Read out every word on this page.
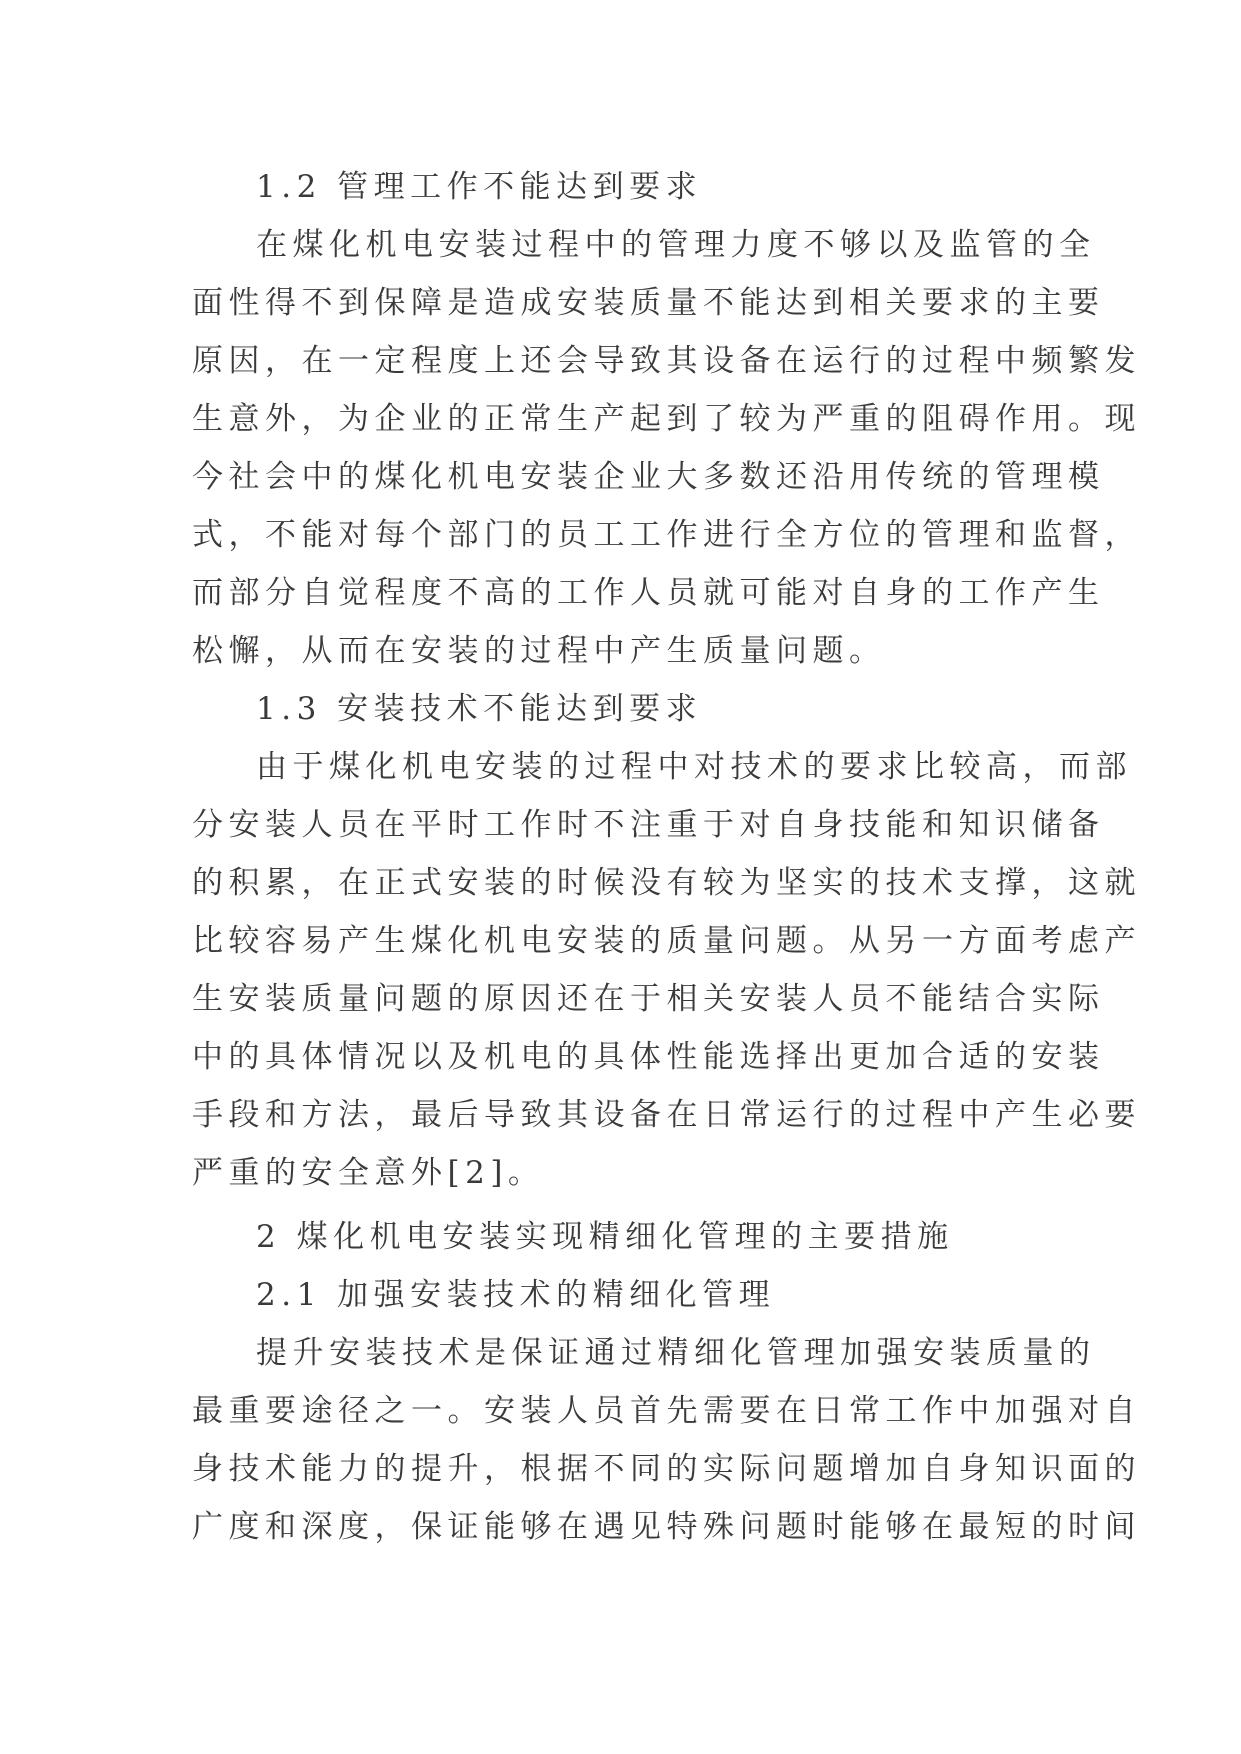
1.2 管理工作不能达到要求

在煤化机电安装过程中的管理力度不够以及监管的全

面性得不到保障是造成安装质量不能达到相关要求的主要

原因，在一定程度上还会导致其设备在运行的过程中频繁发

生意外，为企业的正常生产起到了较为严重的阻碍作用。现

今社会中的煤化机电安装企业大多数还沿用传统的管理模

式，不能对每个部门的员工工作进行全方位的管理和监督，

而部分自觉程度不高的工作人员就可能对自身的工作产生

松懈，从而在安装的过程中产生质量问题。

1.3 安装技术不能达到要求

由于煤化机电安装的过程中对技术的要求比较高，而部

分安装人员在平时工作时不注重于对自身技能和知识储备

的积累，在正式安装的时候没有较为坚实的技术支撑，这就

比较容易产生煤化机电安装的质量问题。从另一方面考虑产

生安装质量问题的原因还在于相关安装人员不能结合实际

中的具体情况以及机电的具体性能选择出更加合适的安装

手段和方法，最后导致其设备在日常运行的过程中产生必要

严重的安全意外[2]。

2 煤化机电安装实现精细化管理的主要措施

2.1 加强安装技术的精细化管理

提升安装技术是保证通过精细化管理加强安装质量的

最重要途径之一。安装人员首先需要在日常工作中加强对自

身技术能力的提升，根据不同的实际问题增加自身知识面的

广度和深度，保证能够在遇见特殊问题时能够在最短的时间
